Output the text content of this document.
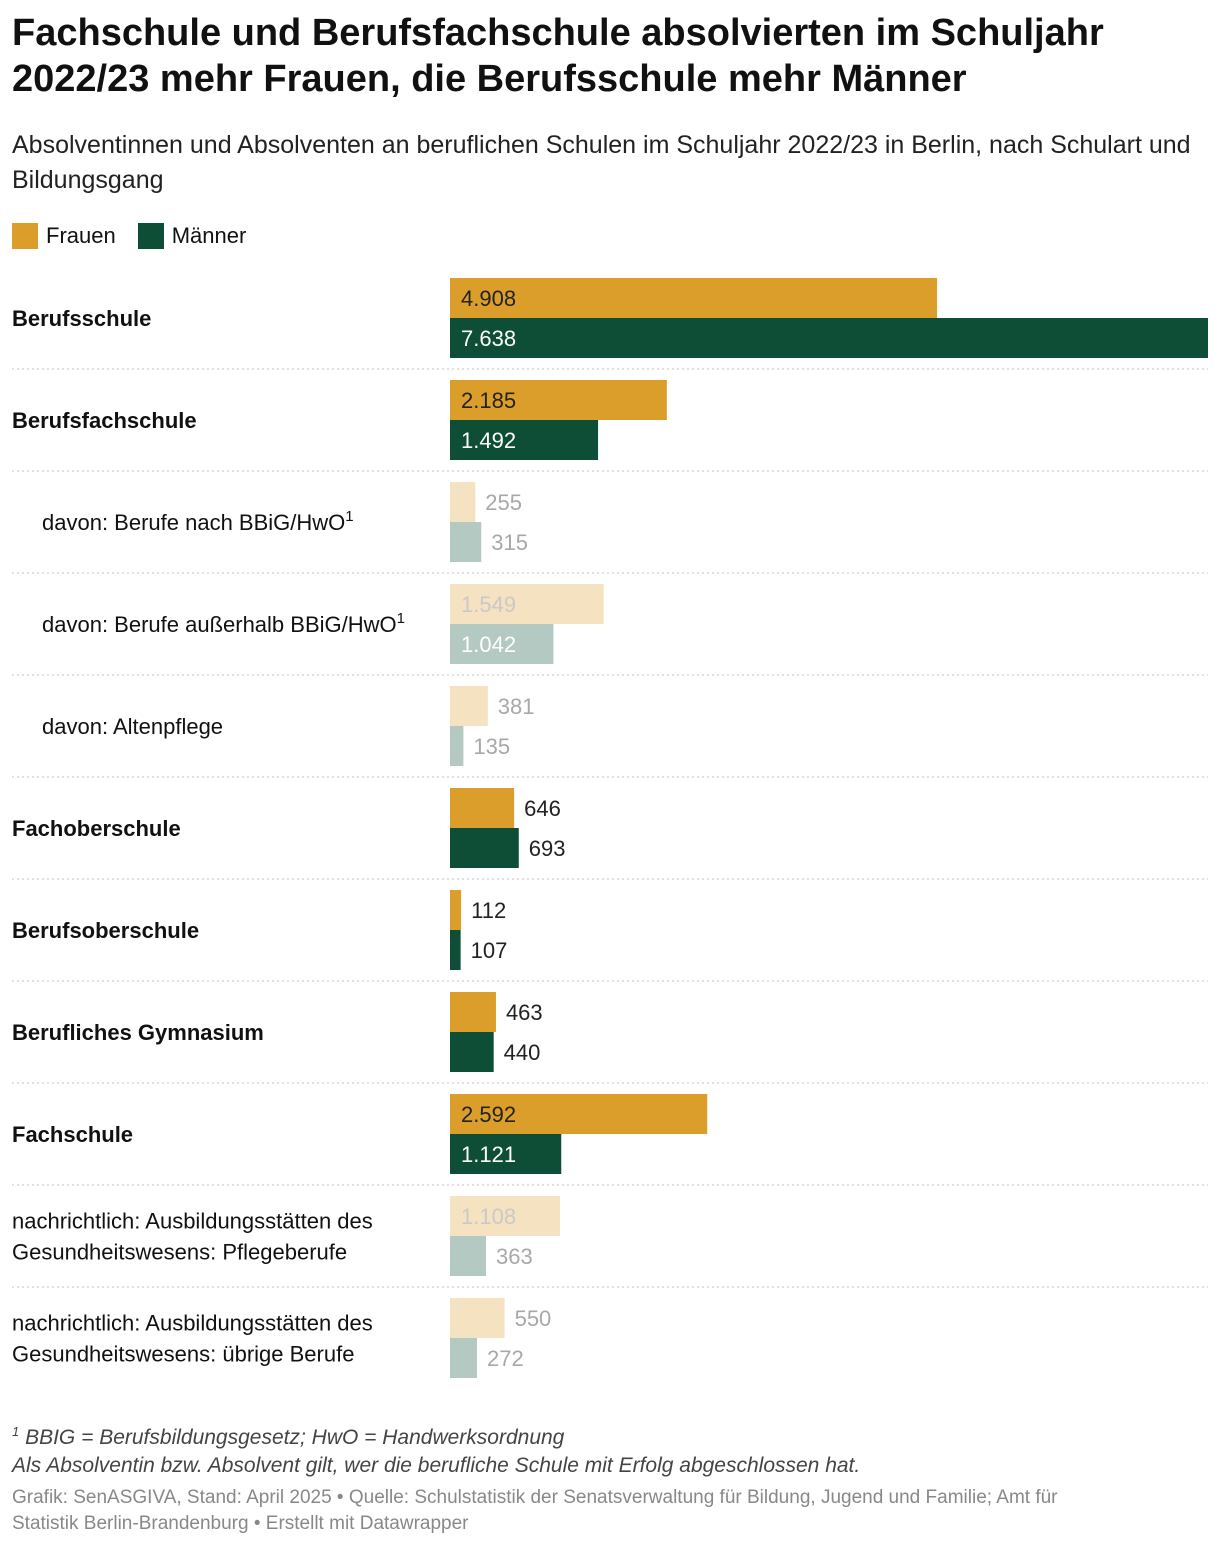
Fachschule und Berufsfachschule absolvierten im Schuljahr 2022/23 mehr Frauen, die Berufsschule mehr Männer

Absolventinnen und Absolventen an beruflichen Schulen im Schuljahr 2022/23 in Berlin, nach Schulart und Bildungsgang

Frauen	Männer
Berufsschule
4.908
7.638
Berufsfachschule
2.185
1.492
davon: Berufe nach BBiG/HwO$^1$
255
315
davon: Berufe außerhalb BBiG/HwO$^1$
1.549
1.042
davon: Altenpflege
381
135
Fachoberschule
646
693
Berufsoberschule
112
107
Berufliches Gymnasium
463
440
Fachschule
2.592
1.121
nachrichtlich: Ausbildungsstätten des
Gesundheitswesens: Pflegeberufe
1.108
363
nachrichtlich: Ausbildungsstätten des
Gesundheitswesens: übrige Berufe
550
272
$^1$ BBIG = Berufsbildungsgesetz; HwO = Handwerksordnung
Als Absolventin bzw. Absolvent gilt, wer die berufliche Schule mit Erfolg abgeschlossen hat.
Grafik: SenASGIVA, Stand: April 2025 • Quelle: Schulstatistik der Senatsverwaltung für Bildung, Jugend und Familie; Amt für
Statistik Berlin-Brandenburg • Erstellt mit Datawrapper
